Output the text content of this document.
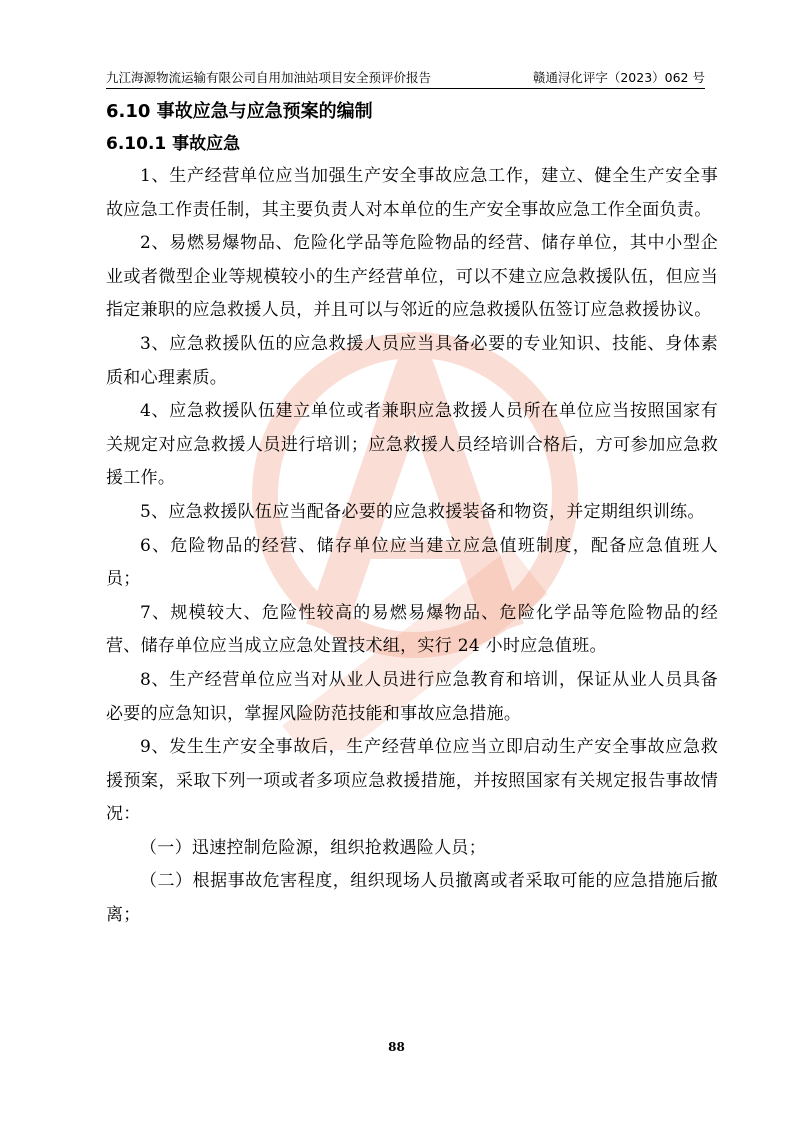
九江海源物流运输有限公司自用加油站项目安全预评价报告	赣通浔化评字（2023）062 号
6.10 事故应急与应急预案的编制
6.10.1 事故应急

1、生产经营单位应当加强生产安全事故应急工作，建立、健全生产安全事故应急工作责任制，其主要负责人对本单位的生产安全事故应急工作全面负责。

2、易燃易爆物品、危险化学品等危险物品的经营、储存单位，其中小型企业或者微型企业等规模较小的生产经营单位，可以不建立应急救援队伍，但应当指定兼职的应急救援人员，并且可以与邻近的应急救援队伍签订应急救援协议。

3、应急救援队伍的应急救援人员应当具备必要的专业知识、技能、身体素质和心理素质。

4、应急救援队伍建立单位或者兼职应急救援人员所在单位应当按照国家有关规定对应急救援人员进行培训；应急救援人员经培训合格后，方可参加应急救援工作。

5、应急救援队伍应当配备必要的应急救援装备和物资，并定期组织训练。

6、危险物品的经营、储存单位应当建立应急值班制度，配备应急值班人员；

7、规模较大、危险性较高的易燃易爆物品、危险化学品等危险物品的经营、储存单位应当成立应急处置技术组，实行 24 小时应急值班。

8、生产经营单位应当对从业人员进行应急教育和培训，保证从业人员具备必要的应急知识，掌握风险防范技能和事故应急措施。

9、发生生产安全事故后，生产经营单位应当立即启动生产安全事故应急救援预案，采取下列一项或者多项应急救援措施，并按照国家有关规定报告事故情况：

（一）迅速控制危险源，组织抢救遇险人员；

（二）根据事故危害程度，组织现场人员撤离或者采取可能的应急措施后撤离；

88
